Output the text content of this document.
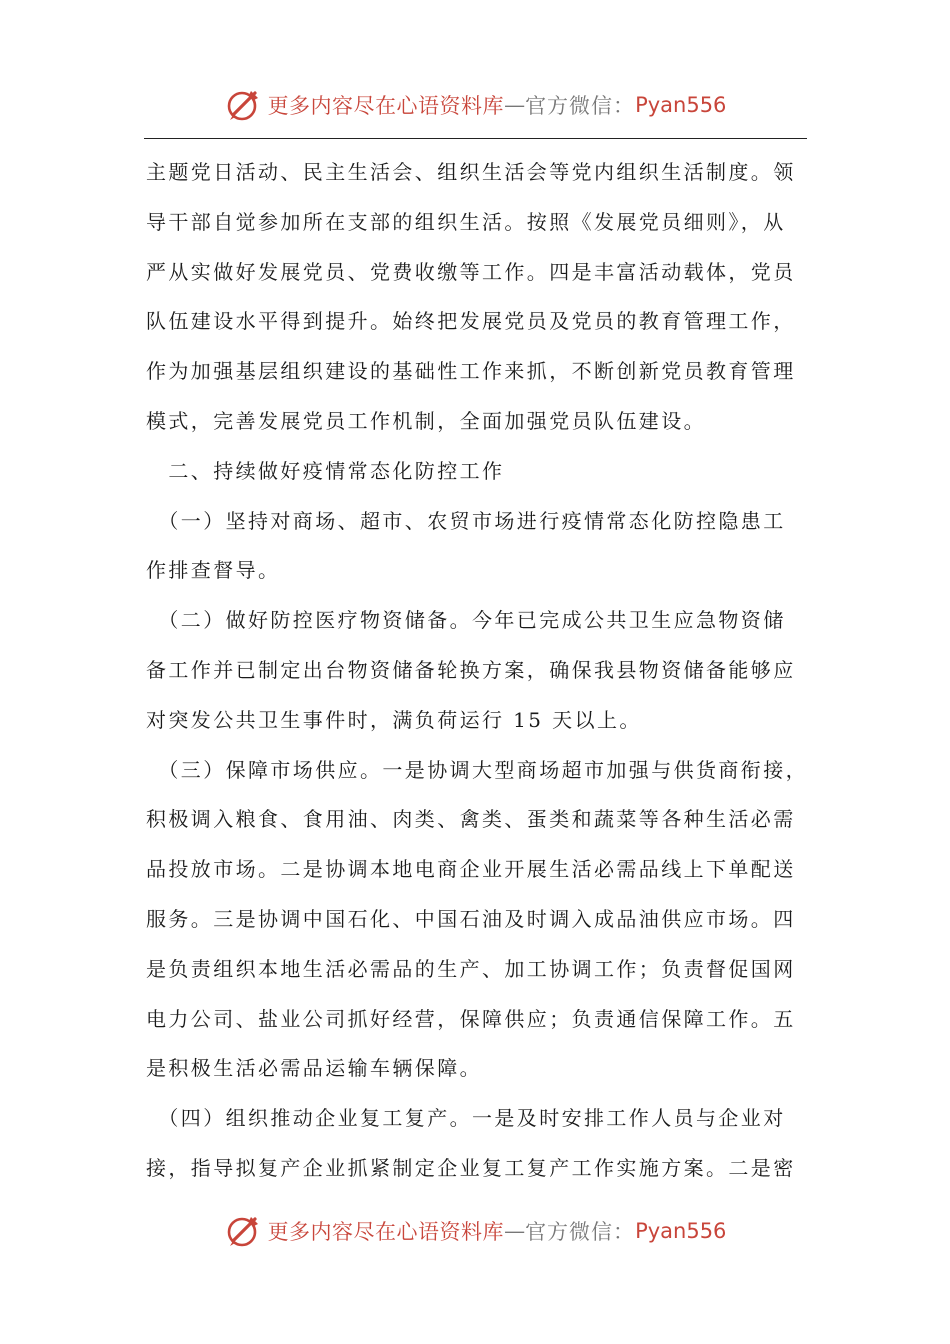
更多内容尽在心语资料库 — 官方微信： Pyan556
主题党日活动、民主生活会、组织生活会等党内组织生活制度。领
导干部自觉参加所在支部的组织生活。按照《发展党员细则》，从
严从实做好发展党员、党费收缴等工作。四是丰富活动载体，党员
队伍建设水平得到提升。始终把发展党员及党员的教育管理工作，
作为加强基层组织建设的基础性工作来抓，不断创新党员教育管理
模式，完善发展党员工作机制，全面加强党员队伍建设。
　二、持续做好疫情常态化防控工作
　（一）坚持对商场、超市、农贸市场进行疫情常态化防控隐患工
作排查督导。
　（二）做好防控医疗物资储备。今年已完成公共卫生应急物资储
备工作并已制定出台物资储备轮换方案，确保我县物资储备能够应
对突发公共卫生事件时，满负荷运行 15 天以上。
　（三）保障市场供应。一是协调大型商场超市加强与供货商衔接，
积极调入粮食、食用油、肉类、禽类、蛋类和蔬菜等各种生活必需
品投放市场。二是协调本地电商企业开展生活必需品线上下单配送
服务。三是协调中国石化、中国石油及时调入成品油供应市场。四
是负责组织本地生活必需品的生产、加工协调工作；负责督促国网
电力公司、盐业公司抓好经营，保障供应；负责通信保障工作。五
是积极生活必需品运输车辆保障。
　（四）组织推动企业复工复产。一是及时安排工作人员与企业对
接，指导拟复产企业抓紧制定企业复工复产工作实施方案。二是密
更多内容尽在心语资料库 — 官方微信： Pyan556
